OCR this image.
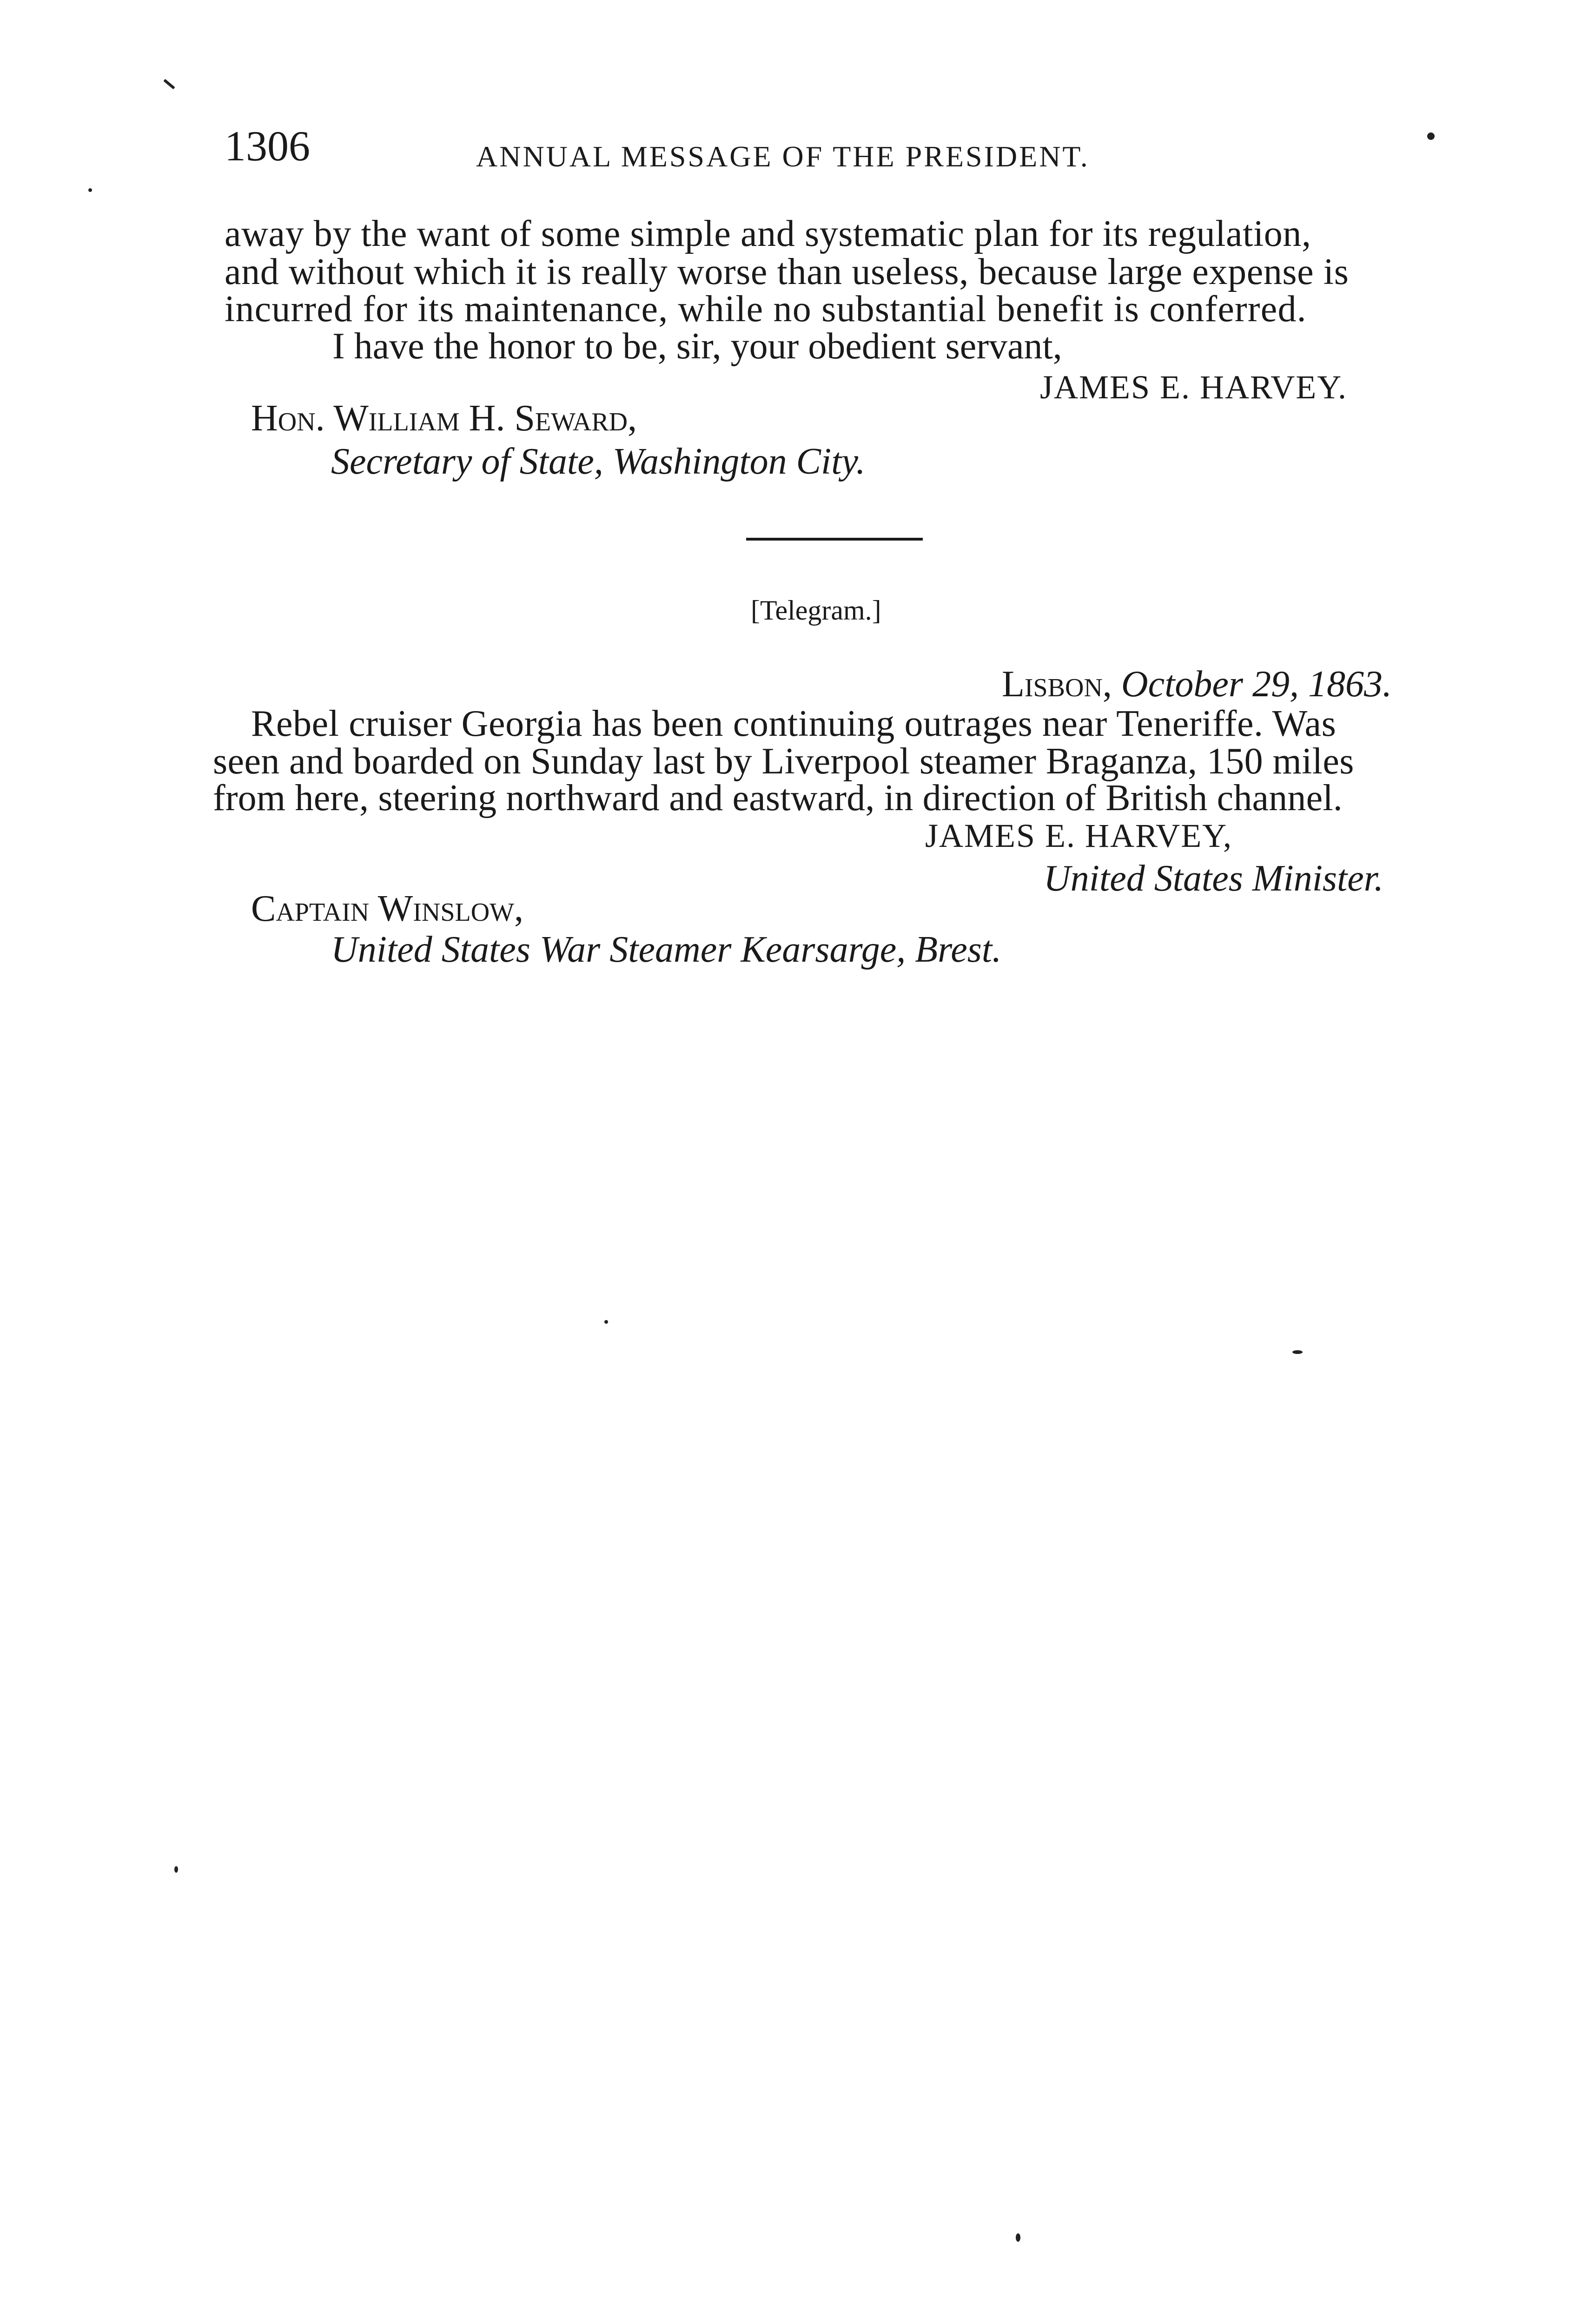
1306	ANNUAL MESSAGE OF THE PRESIDENT.
away by the want of some simple and systematic plan for its regulation,
and without which it is really worse than useless, because large expense is
incurred for its maintenance, while no substantial benefit is conferred.
I have the honor to be, sir, your obedient servant,
JAMES E. HARVEY.
Hon. William H. Seward,
Secretary of State, Washington City.
[Telegram.]
Lisbon, October 29, 1863.
Rebel cruiser Georgia has been continuing outrages near Teneriffe. Was
seen and boarded on Sunday last by Liverpool steamer Braganza, 150 miles
from here, steering northward and eastward, in direction of British channel.
JAMES E. HARVEY,
United States Minister.
Captain Winslow,
United States War Steamer Kearsarge, Brest.
